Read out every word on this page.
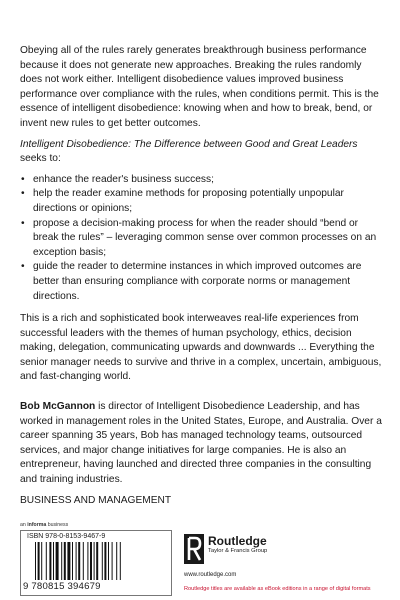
Obeying all of the rules rarely generates breakthrough business performance because it does not generate new approaches. Breaking the rules randomly does not work either. Intelligent disobedience values improved business performance over compliance with the rules, when conditions permit. This is the essence of intelligent disobedience: knowing when and how to break, bend, or invent new rules to get better outcomes.

Intelligent Disobedience: The Difference between Good and Great Leaders seeks to:

• enhance the reader's business success;
• help the reader examine methods for proposing potentially unpopular directions or opinions;
• propose a decision-making process for when the reader should “bend or break the rules” – leveraging common sense over common processes on an exception basis;
• guide the reader to determine instances in which improved outcomes are better than ensuring compliance with corporate norms or management directions.

This is a rich and sophisticated book interweaves real-life experiences from successful leaders with the themes of human psychology, ethics, decision making, delegation, communicating upwards and downwards ... Everything the senior manager needs to survive and thrive in a complex, uncertain, ambiguous, and fast-changing world.

Bob McGannon is director of Intelligent Disobedience Leadership, and has worked in management roles in the United States, Europe, and Australia. Over a career spanning 35 years, Bob has managed technology teams, outsourced services, and major change initiatives for large companies. He is also an entrepreneur, having launched and directed three companies in the consulting and training industries.

BUSINESS AND MANAGEMENT

an informa business
ISBN 978-0-8153-9467-9
9 780815 394679
Routledge
Taylor & Francis Group
www.routledge.com
Routledge titles are available as eBook editions in a range of digital formats
